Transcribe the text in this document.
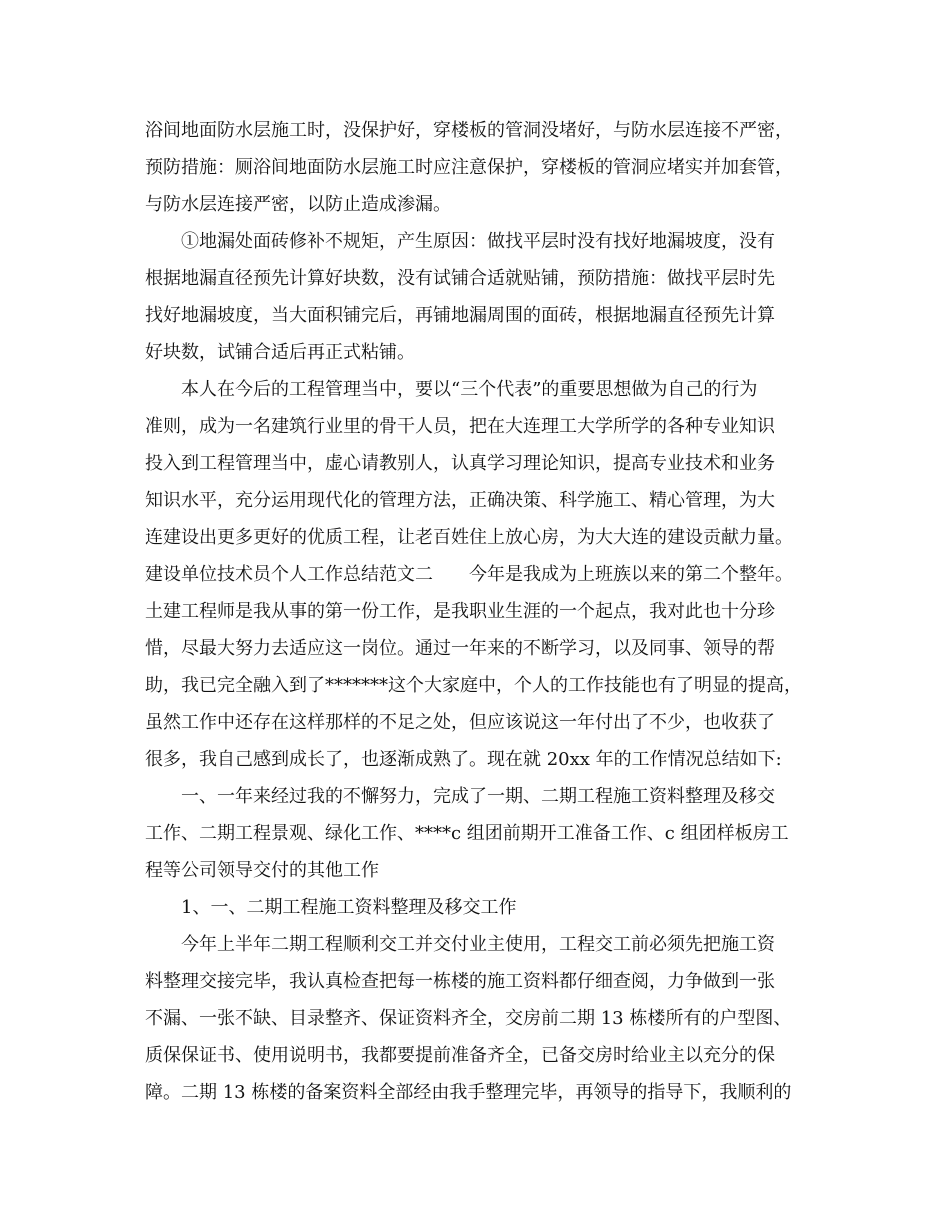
浴间地面防水层施工时，没保护好，穿楼板的管洞没堵好，与防水层连接不严密，
预防措施：厕浴间地面防水层施工时应注意保护，穿楼板的管洞应堵实并加套管，
与防水层连接严密，以防止造成渗漏。
①地漏处面砖修补不规矩，产生原因：做找平层时没有找好地漏坡度，没有
根据地漏直径预先计算好块数，没有试铺合适就贴铺，预防措施：做找平层时先
找好地漏坡度，当大面积铺完后，再铺地漏周围的面砖，根据地漏直径预先计算
好块数，试铺合适后再正式粘铺。
本人在今后的工程管理当中，要以“三个代表”的重要思想做为自己的行为
准则，成为一名建筑行业里的骨干人员，把在大连理工大学所学的各种专业知识
投入到工程管理当中，虚心请教别人，认真学习理论知识，提高专业技术和业务
知识水平，充分运用现代化的管理方法，正确决策、科学施工、精心管理，为大
连建设出更多更好的优质工程，让老百姓住上放心房，为大大连的建设贡献力量。
建设单位技术员个人工作总结范文二　　今年是我成为上班族以来的第二个整年。
土建工程师是我从事的第一份工作，是我职业生涯的一个起点，我对此也十分珍
惜，尽最大努力去适应这一岗位。通过一年来的不断学习，以及同事、领导的帮
助，我已完全融入到了*******这个大家庭中，个人的工作技能也有了明显的提高，
虽然工作中还存在这样那样的不足之处，但应该说这一年付出了不少，也收获了
很多，我自己感到成长了，也逐渐成熟了。现在就 20xx 年的工作情况总结如下:
一、一年来经过我的不懈努力，完成了一期、二期工程施工资料整理及移交
工作、二期工程景观、绿化工作、****c 组团前期开工准备工作、c 组团样板房工
程等公司领导交付的其他工作
1、一、二期工程施工资料整理及移交工作
今年上半年二期工程顺利交工并交付业主使用，工程交工前必须先把施工资
料整理交接完毕，我认真检查把每一栋楼的施工资料都仔细查阅，力争做到一张
不漏、一张不缺、目录整齐、保证资料齐全，交房前二期 13 栋楼所有的户型图、
质保保证书、使用说明书，我都要提前准备齐全，已备交房时给业主以充分的保
障。二期 13 栋楼的备案资料全部经由我手整理完毕，再领导的指导下，我顺利的
